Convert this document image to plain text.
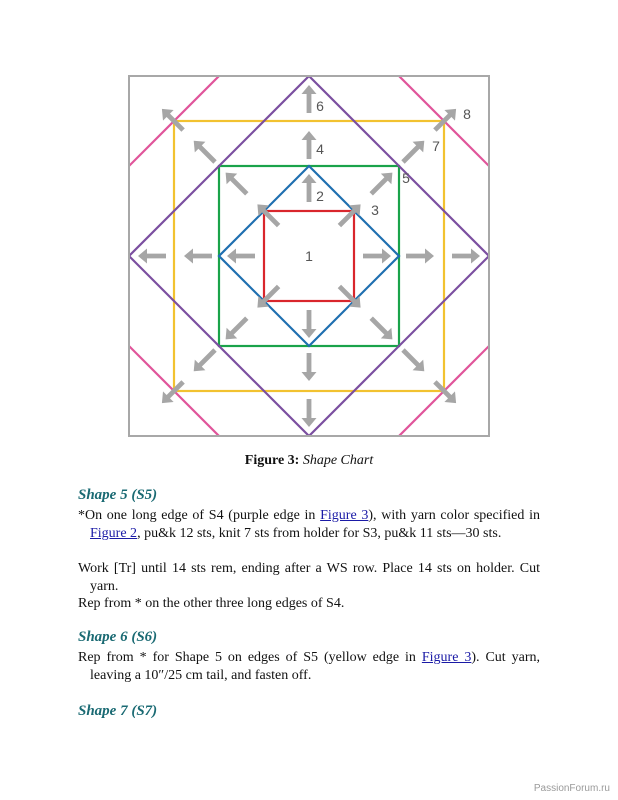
1
2
3
4
5
6
7
8
Figure 3: Shape Chart
Shape 5 (S5)
*On one long edge of S4 (purple edge in Figure 3), with yarn color specified in Figure 2, pu&k 12 sts, knit 7 sts from holder for S3, pu&k 11 sts—30 sts.
Work [Tr] until 14 sts rem, ending after a WS row. Place 14 sts on holder. Cut yarn.
Rep from * on the other three long edges of S4.
Shape 6 (S6)
Rep from * for Shape 5 on edges of S5 (yellow edge in Figure 3). Cut yarn, leaving a 10″/25 cm tail, and fasten off.
Shape 7 (S7)
PassionForum.ru
